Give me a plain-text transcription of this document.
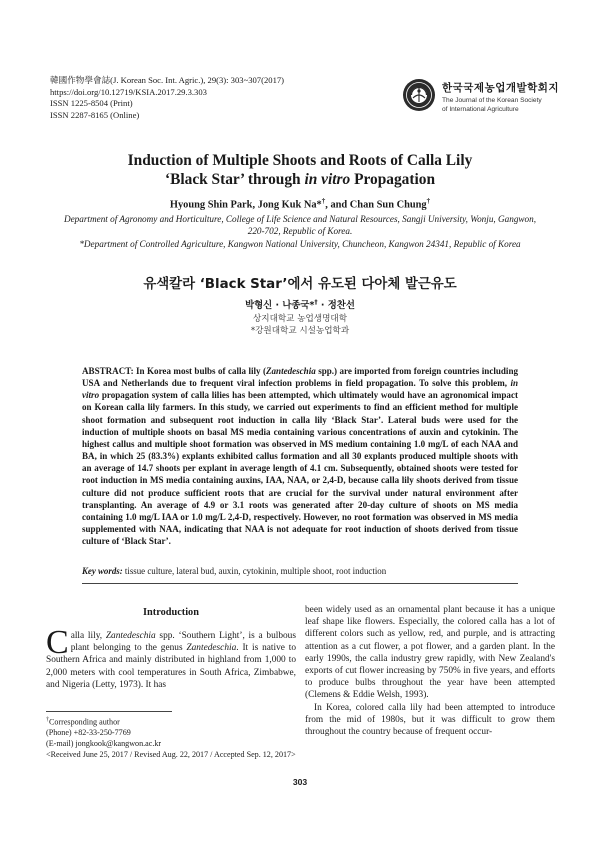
韓國作物學會誌(J. Korean Soc. Int. Agric.), 29(3): 303~307(2017)
https://doi.org/10.12719/KSIA.2017.29.3.303
ISSN 1225-8504 (Print)
ISSN 2287-8165 (Online)
한국국제농업개발학회지
The Journal of the Korean Society
of International Agriculture
Induction of Multiple Shoots and Roots of Calla Lily
‘Black Star’ through in vitro Propagation
Hyoung Shin Park, Jong Kuk Na*†, and Chan Sun Chung†
Department of Agronomy and Horticulture, College of Life Science and Natural Resources, Sangji University, Wonju, Gangwon,
220-702, Republic of Korea.
*Department of Controlled Agriculture, Kangwon National University, Chuncheon, Kangwon 24341, Republic of Korea
유색칼라 ‘Black Star’에서 유도된 다아체 발근유도
박형신 · 나종국*† · 정찬선
상지대학교 농업생명대학
*강원대학교 시설농업학과
ABSTRACT: In Korea most bulbs of calla lily (Zantedeschia spp.) are imported from foreign countries including USA and Netherlands due to frequent viral infection problems in field propagation. To solve this problem, in vitro propagation system of calla lilies has been attempted, which ultimately would have an agronomical impact on Korean calla lily farmers. In this study, we carried out experiments to find an efficient method for multiple shoot formation and subsequent root induction in calla lily ‘Black Star’. Lateral buds were used for the induction of multiple shoots on basal MS media containing various concentrations of auxin and cytokinin. The highest callus and multiple shoot formation was observed in MS medium containing 1.0 mg/L of each NAA and BA, in which 25 (83.3%) explants exhibited callus formation and all 30 explants produced multiple shoots with an average of 14.7 shoots per explant in average length of 4.1 cm. Subsequently, obtained shoots were tested for root induction in MS media containing auxins, IAA, NAA, or 2,4-D, because calla lily shoots derived from tissue culture did not produce sufficient roots that are crucial for the survival under natural environment after transplanting. An average of 4.9 or 3.1 roots was generated after 20-day culture of shoots on MS media containing 1.0 mg/L IAA or 1.0 mg/L 2,4-D, respectively. However, no root formation was observed in MS media supplemented with NAA, indicating that NAA is not adequate for root induction of shoots derived from tissue culture of ‘Black Star’.
Key words: tissue culture, lateral bud, auxin, cytokinin, multiple shoot, root induction
Introduction
Calla lily, Zantedeschia spp. ‘Southern Light’, is a bulbous plant belonging to the genus Zantedeschia. It is native to Southern Africa and mainly distributed in highland from 1,000 to 2,000 meters with cool temperatures in South Africa, Zimbabwe, and Nigeria (Letty, 1973). It has

been widely used as an ornamental plant because it has a unique leaf shape like flowers. Especially, the colored calla has a lot of different colors such as yellow, red, and purple, and is attracting attention as a cut flower, a pot flower, and a garden plant. In the early 1990s, the calla industry grew rapidly, with New Zealand's exports of cut flower increasing by 750% in five years, and efforts to produce bulbs throughout the year have been attempted (Clemens & Eddie Welsh, 1993).

In Korea, colored calla lily had been attempted to introduce from the mid of 1980s, but it was difficult to grow them throughout the country because of frequent occur-

†Corresponding author
(Phone) +82-33-250-7769
(E-mail) jongkook@kangwon.ac.kr
<Received June 25, 2017 / Revised Aug. 22, 2017 / Accepted Sep. 12, 2017>
303
